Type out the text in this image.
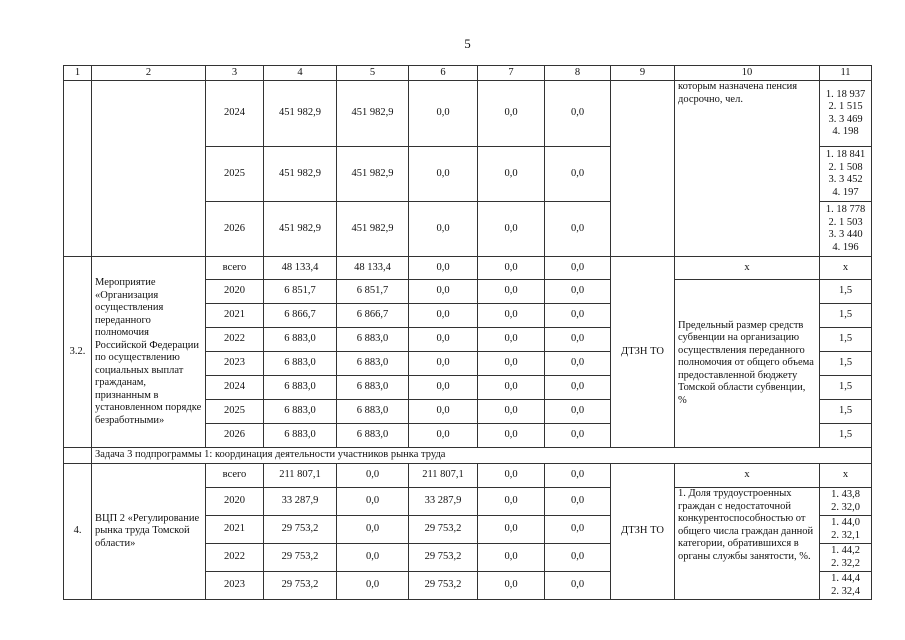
5
1	2	3	4	5	6	7	8	9	10	11
		2024	451 982,9	451 982,9	0,0	0,0	0,0		которым назначена пенсия досрочно, чел.	1. 18 937
2. 1 515
3. 3 469
4. 198
		2025	451 982,9	451 982,9	0,0	0,0	0,0			1. 18 841
2. 1 508
3. 3 452
4. 197
		2026	451 982,9	451 982,9	0,0	0,0	0,0			1. 18 778
2. 1 503
3. 3 440
4. 196
3.2.	Мероприятие «Организация осуществления переданного полномочия Российской Федерации по осуществлению социальных выплат гражданам, признанным в установленном порядке безработными»	всего	48 133,4	48 133,4	0,0	0,0	0,0	ДТЗН ТО	х	х
		2020	6 851,7	6 851,7	0,0	0,0	0,0		Предельный размер средств субвенции на организацию осуществления переданного полномочия от общего объема предоставленной бюджету Томской области субвенции, %	1,5
		2021	6 866,7	6 866,7	0,0	0,0	0,0			1,5
		2022	6 883,0	6 883,0	0,0	0,0	0,0			1,5
		2023	6 883,0	6 883,0	0,0	0,0	0,0			1,5
		2024	6 883,0	6 883,0	0,0	0,0	0,0			1,5
		2025	6 883,0	6 883,0	0,0	0,0	0,0			1,5
		2026	6 883,0	6 883,0	0,0	0,0	0,0			1,5
	Задача 3 подпрограммы 1: координация деятельности участников рынка труда									
4.	ВЦП 2 «Регулирование рынка труда Томской области»	всего	211 807,1	0,0	211 807,1	0,0	0,0	ДТЗН ТО	х	х
		2020	33 287,9	0,0	33 287,9	0,0	0,0		1. Доля трудоустроенных граждан с недостаточной конкурентоспособностью от общего числа граждан данной категории, обратившихся в органы службы занятости, %.	1. 43,8
2. 32,0
		2021	29 753,2	0,0	29 753,2	0,0	0,0			1. 44,0
2. 32,1
		2022	29 753,2	0,0	29 753,2	0,0	0,0			1. 44,2
2. 32,2
		2023	29 753,2	0,0	29 753,2	0,0	0,0			1. 44,4
2. 32,4
